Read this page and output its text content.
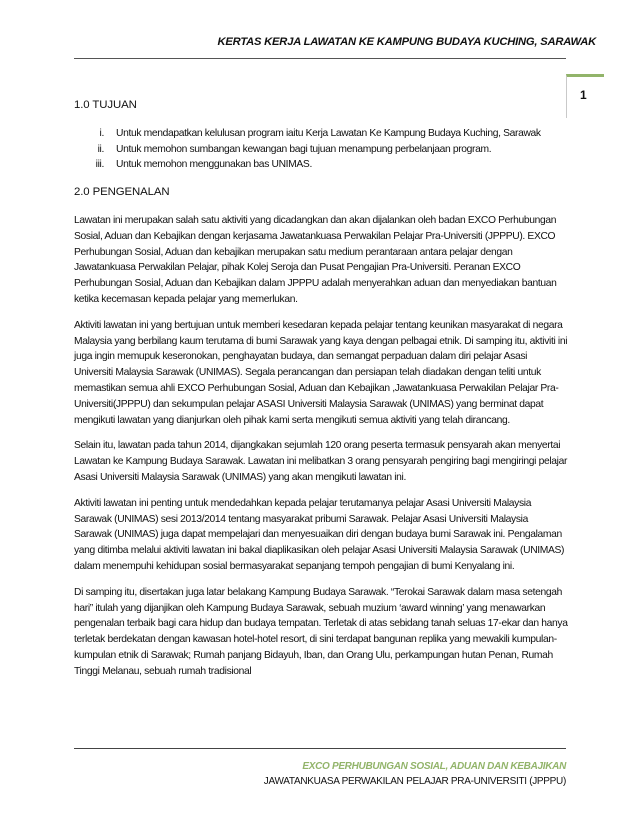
KERTAS KERJA LAWATAN KE KAMPUNG BUDAYA KUCHING, SARAWAK
1
1.0 TUJUAN
i.	Untuk mendapatkan kelulusan program iaitu Kerja Lawatan Ke Kampung Budaya Kuching, Sarawak
ii.	Untuk memohon sumbangan kewangan bagi tujuan menampung perbelanjaan program.
iii.	Untuk memohon menggunakan bas UNIMAS.
2.0 PENGENALAN

Lawatan ini merupakan salah satu aktiviti yang dicadangkan dan akan dijalankan oleh badan EXCO Perhubungan Sosial, Aduan dan Kebajikan dengan kerjasama Jawatankuasa Perwakilan Pelajar Pra-Universiti (JPPPU). EXCO Perhubungan Sosial, Aduan dan kebajikan merupakan satu medium perantaraan antara pelajar dengan Jawatankuasa Perwakilan Pelajar, pihak Kolej Seroja dan Pusat Pengajian Pra-Universiti. Peranan EXCO Perhubungan Sosial, Aduan dan Kebajikan dalam JPPPU adalah menyerahkan aduan dan menyediakan bantuan ketika kecemasan kepada pelajar yang memerlukan.

Aktiviti lawatan ini yang bertujuan untuk memberi kesedaran kepada pelajar tentang keunikan masyarakat di negara Malaysia yang berbilang kaum terutama di bumi Sarawak yang kaya dengan pelbagai etnik. Di samping itu, aktiviti ini juga ingin memupuk keseronokan, penghayatan budaya, dan semangat perpaduan dalam diri pelajar Asasi Universiti Malaysia Sarawak (UNIMAS). Segala perancangan dan persiapan telah diadakan dengan teliti untuk memastikan semua ahli EXCO Perhubungan Sosial, Aduan dan Kebajikan ,Jawatankuasa Perwakilan Pelajar Pra-Universiti(JPPPU) dan sekumpulan pelajar ASASI Universiti Malaysia Sarawak (UNIMAS) yang berminat dapat mengikuti lawatan yang dianjurkan oleh pihak kami serta mengikuti semua aktiviti yang telah dirancang.

Selain itu, lawatan pada tahun 2014, dijangkakan sejumlah 120 orang peserta termasuk pensyarah akan menyertai Lawatan ke Kampung Budaya Sarawak. Lawatan ini melibatkan 3 orang pensyarah pengiring bagi mengiringi pelajar Asasi Universiti Malaysia Sarawak (UNIMAS) yang akan mengikuti lawatan ini.

Aktiviti lawatan ini penting untuk mendedahkan kepada pelajar terutamanya pelajar Asasi Universiti Malaysia Sarawak (UNIMAS) sesi 2013/2014 tentang masyarakat pribumi Sarawak. Pelajar Asasi Universiti Malaysia Sarawak (UNIMAS) juga dapat mempelajari dan menyesuaikan diri dengan budaya bumi Sarawak ini. Pengalaman yang ditimba melalui aktiviti lawatan ini bakal diaplikasikan oleh pelajar Asasi Universiti Malaysia Sarawak (UNIMAS) dalam menempuhi kehidupan sosial bermasyarakat sepanjang tempoh pengajian di bumi Kenyalang ini.

Di samping itu, disertakan juga latar belakang Kampung Budaya Sarawak. “Terokai Sarawak dalam masa setengah hari” itulah yang dijanjikan oleh Kampung Budaya Sarawak, sebuah muzium ‘award winning’ yang menawarkan pengenalan terbaik bagi cara hidup dan budaya tempatan. Terletak di atas sebidang tanah seluas 17-ekar dan hanya terletak berdekatan dengan kawasan hotel-hotel resort, di sini terdapat bangunan replika yang mewakili kumpulan-kumpulan etnik di Sarawak; Rumah panjang Bidayuh, Iban, dan Orang Ulu, perkampungan hutan Penan, Rumah Tinggi Melanau, sebuah rumah tradisional

EXCO PERHUBUNGAN SOSIAL, ADUAN DAN KEBAJIKAN
JAWATANKUASA PERWAKILAN PELAJAR PRA-UNIVERSITI (JPPPU)
